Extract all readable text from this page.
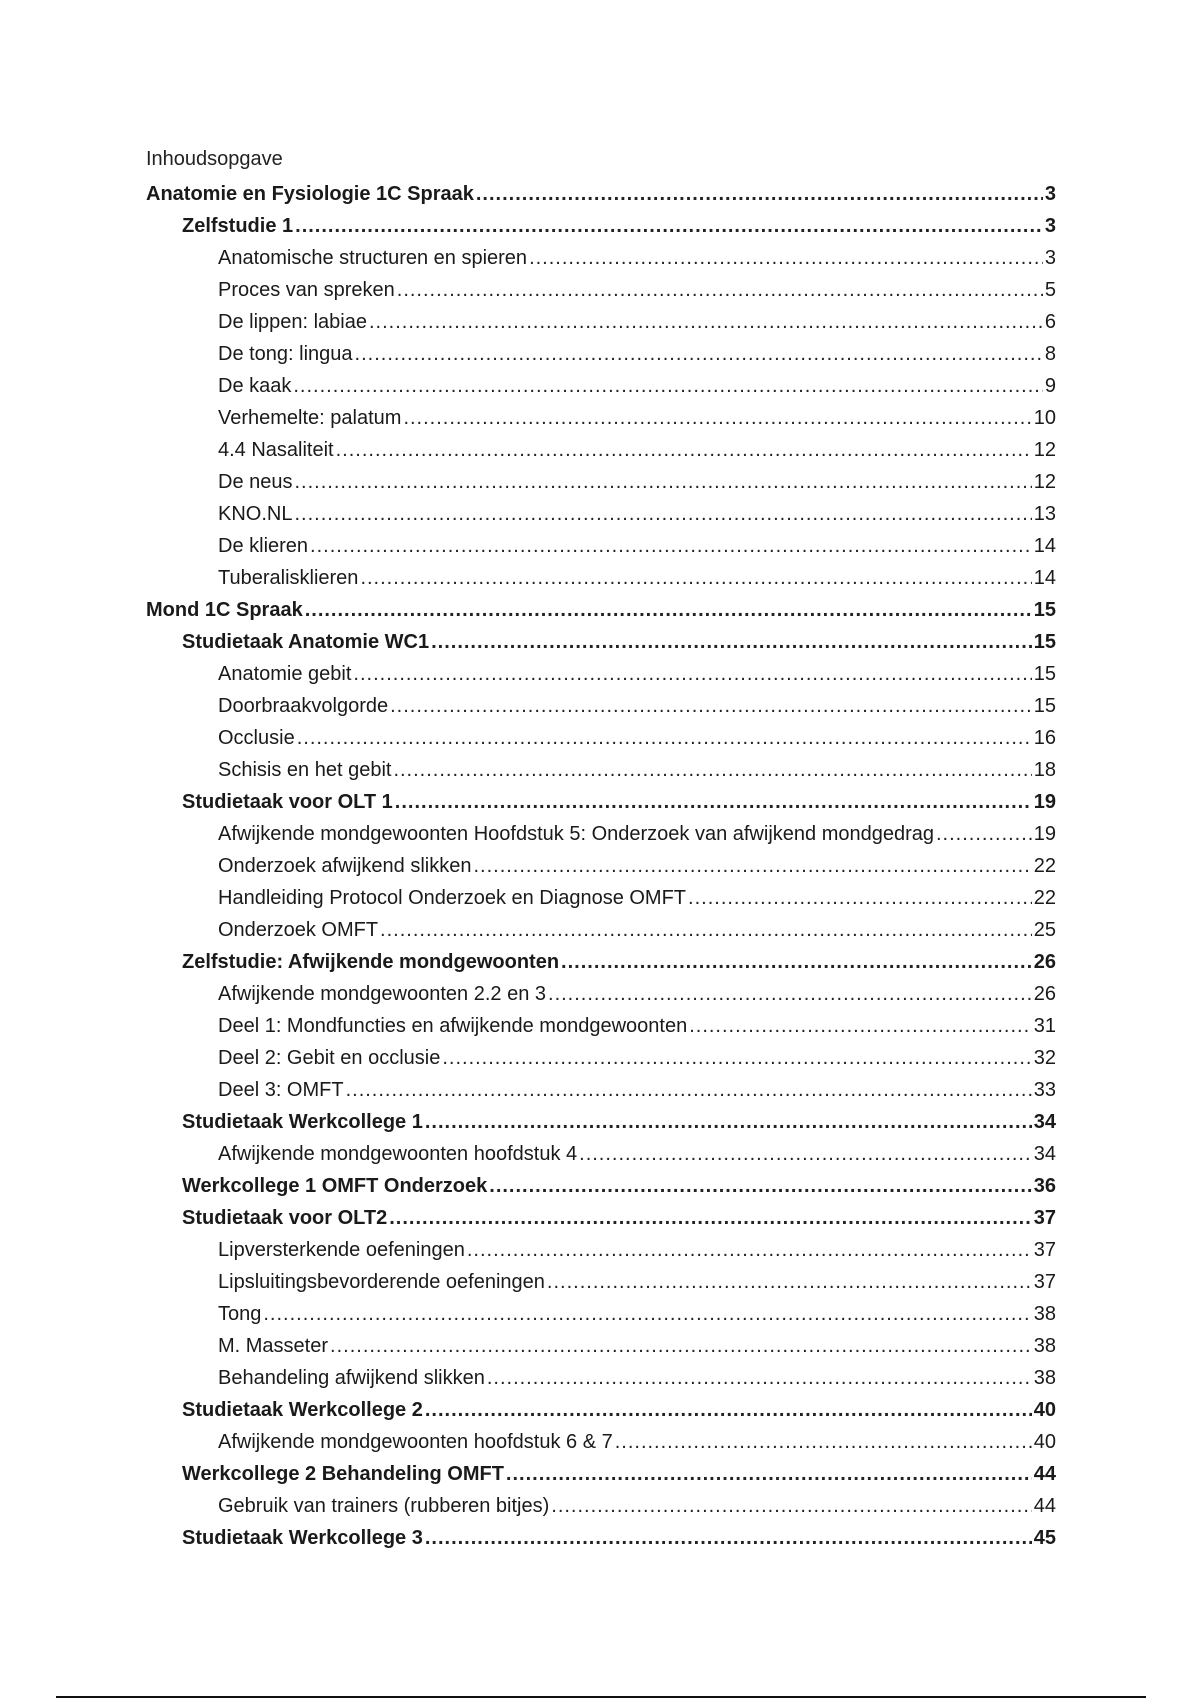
Inhoudsopgave
Anatomie en Fysiologie 1C Spraak .....	3
Zelfstudie 1 .....	3
Anatomische structuren en spieren .....	3
Proces van spreken .....	5
De lippen: labiae .....	6
De tong: lingua .....	8
De kaak .....	9
Verhemelte: palatum .....	10
4.4 Nasaliteit .....	12
De neus .....	12
KNO.NL .....	13
De klieren .....	14
Tuberalisklieren .....	14
Mond 1C Spraak .....	15
Studietaak Anatomie WC1 .....	15
Anatomie gebit .....	15
Doorbraakvolgorde .....	15
Occlusie .....	16
Schisis en het gebit .....	18
Studietaak voor OLT 1 .....	19
Afwijkende mondgewoonten Hoofdstuk 5: Onderzoek van afwijkend mondgedrag .....	19
Onderzoek afwijkend slikken .....	22
Handleiding Protocol Onderzoek en Diagnose OMFT .....	22
Onderzoek OMFT .....	25
Zelfstudie: Afwijkende mondgewoonten .....	26
Afwijkende mondgewoonten 2.2 en 3 .....	26
Deel 1: Mondfuncties en afwijkende mondgewoonten .....	31
Deel 2: Gebit en occlusie .....	32
Deel 3: OMFT .....	33
Studietaak Werkcollege 1 .....	34
Afwijkende mondgewoonten hoofdstuk 4 .....	34
Werkcollege 1 OMFT Onderzoek .....	36
Studietaak voor OLT2 .....	37
Lipversterkende oefeningen .....	37
Lipsluitingsbevorderende oefeningen .....	37
Tong .....	38
M. Masseter .....	38
Behandeling afwijkend slikken .....	38
Studietaak Werkcollege 2 .....	40
Afwijkende mondgewoonten hoofdstuk 6 & 7 .....	40
Werkcollege 2 Behandeling OMFT .....	44
Gebruik van trainers (rubberen bitjes) .....	44
Studietaak Werkcollege 3 .....	45
